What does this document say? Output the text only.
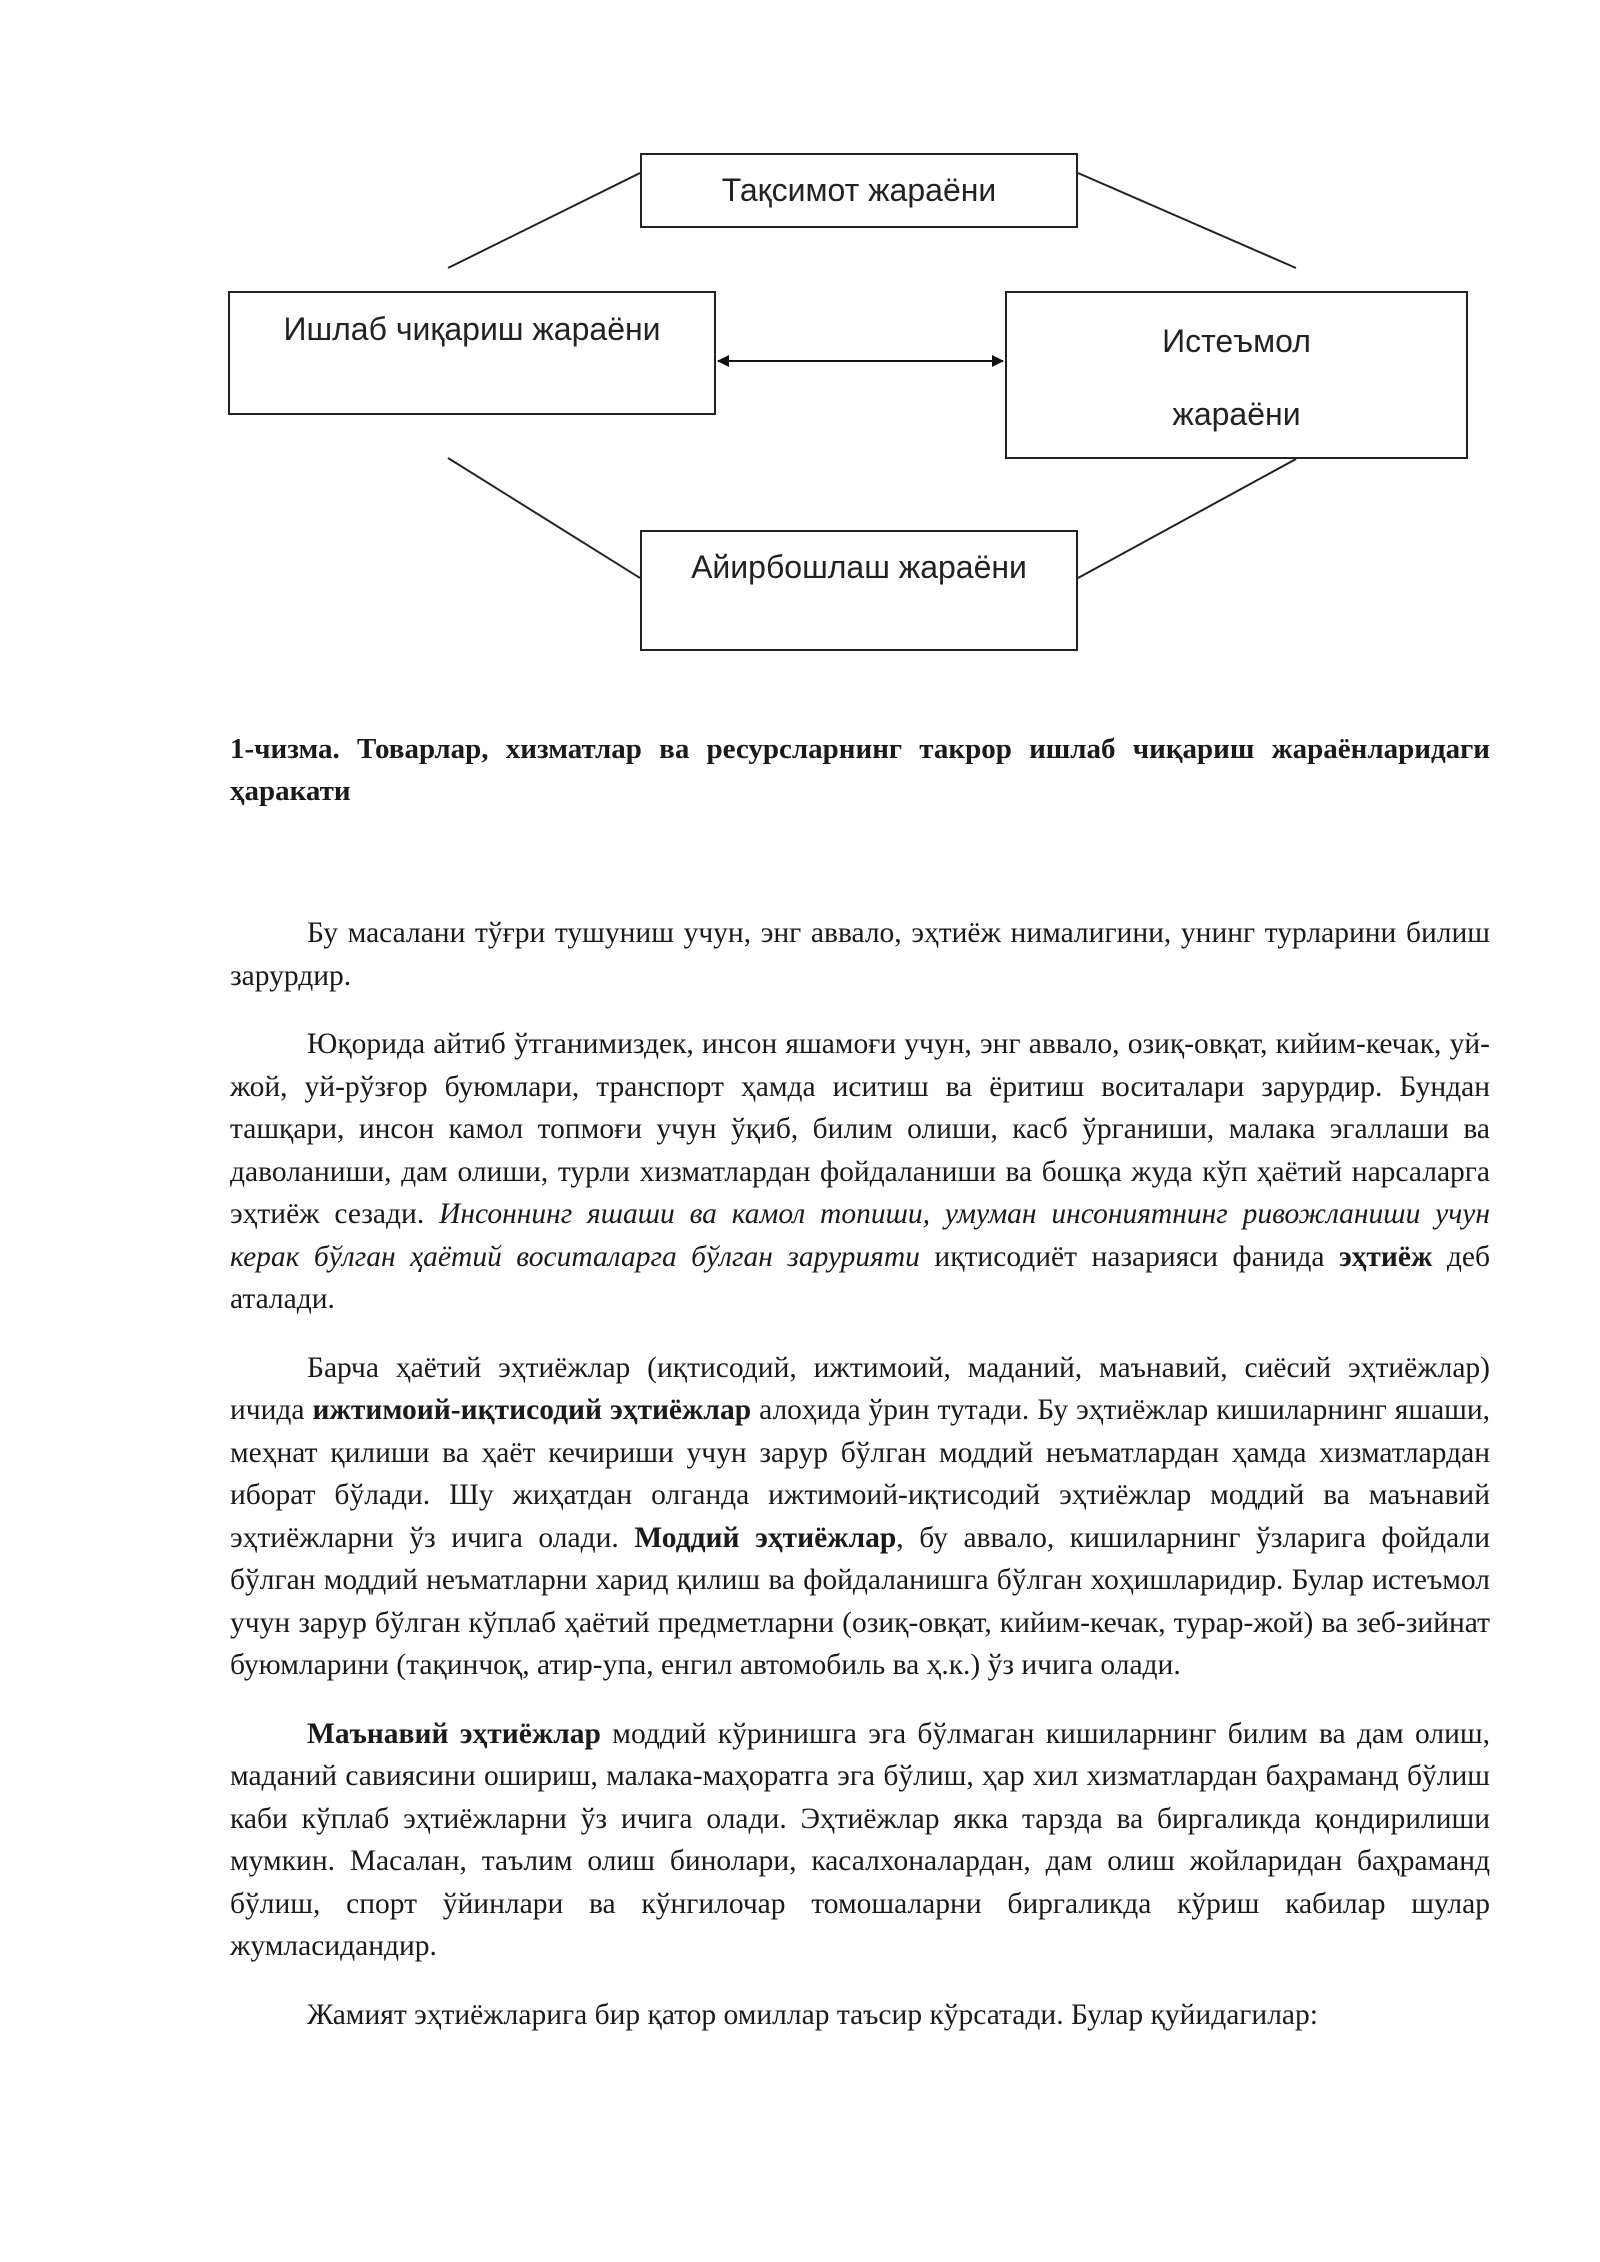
Тақсимот жараёни
Ишлаб чиқариш жараёни	Истеъмол
жараёни
Айирбошлаш жараёни
1-чизма. Товарлар, хизматлар ва ресурсларнинг такрор ишлаб чиқариш жараёнларидаги ҳаракати

Бу масалани тўғри тушуниш учун, энг аввало, эҳтиёж нималигини, унинг турларини билиш зарурдир.

Юқорида айтиб ўтганимиздек, инсон яшамоғи учун, энг аввало, озиқ-овқат, кийим-кечак, уй-жой, уй-рўзғор буюмлари, транспорт ҳамда иситиш ва ёритиш воситалари зарурдир. Бундан ташқари, инсон камол топмоғи учун ўқиб, билим олиши, касб ўрганиши, малака эгаллаши ва даволаниши, дам олиши, турли хизматлардан фойдаланиши ва бошқа жуда кўп ҳаётий нарсаларга эҳтиёж сезади. Инсоннинг яшаши ва камол топиши, умуман инсониятнинг ривожланиши учун керак бўлган ҳаётий воситаларга бўлган зарурияти иқтисодиёт назарияси фанида эҳтиёж деб аталади.

Барча ҳаётий эҳтиёжлар (иқтисодий, ижтимоий, маданий, маънавий, сиёсий эҳтиёжлар) ичида ижтимоий-иқтисодий эҳтиёжлар алоҳида ўрин тутади. Бу эҳтиёжлар кишиларнинг яшаши, меҳнат қилиши ва ҳаёт кечириши учун зарур бўлган моддий неъматлардан ҳамда хизматлардан иборат бўлади. Шу жиҳатдан олганда ижтимоий-иқтисодий эҳтиёжлар моддий ва маънавий эҳтиёжларни ўз ичига олади. Моддий эҳтиёжлар, бу аввало, кишиларнинг ўзларига фойдали бўлган моддий неъматларни харид қилиш ва фойдаланишга бўлган хоҳишларидир. Булар истеъмол учун зарур бўлган кўплаб ҳаётий предметларни (озиқ-овқат, кийим-кечак, турар-жой) ва зеб-зийнат буюмларини (тақинчоқ, атир-упа, енгил автомобиль ва ҳ.к.) ўз ичига олади.

Маънавий эҳтиёжлар моддий кўринишга эга бўлмаган кишиларнинг билим ва дам олиш, маданий савиясини ошириш, малака-маҳоратга эга бўлиш, ҳар хил хизматлардан баҳраманд бўлиш каби кўплаб эҳтиёжларни ўз ичига олади. Эҳтиёжлар якка тарзда ва биргаликда қондирилиши мумкин. Масалан, таълим олиш бинолари, касалхоналардан, дам олиш жойларидан баҳраманд бўлиш, спорт ўйинлари ва кўнгилочар томошаларни биргаликда кўриш кабилар шулар жумласидандир.

Жамият эҳтиёжларига бир қатор омиллар таъсир кўрсатади. Булар қуйидагилар:
